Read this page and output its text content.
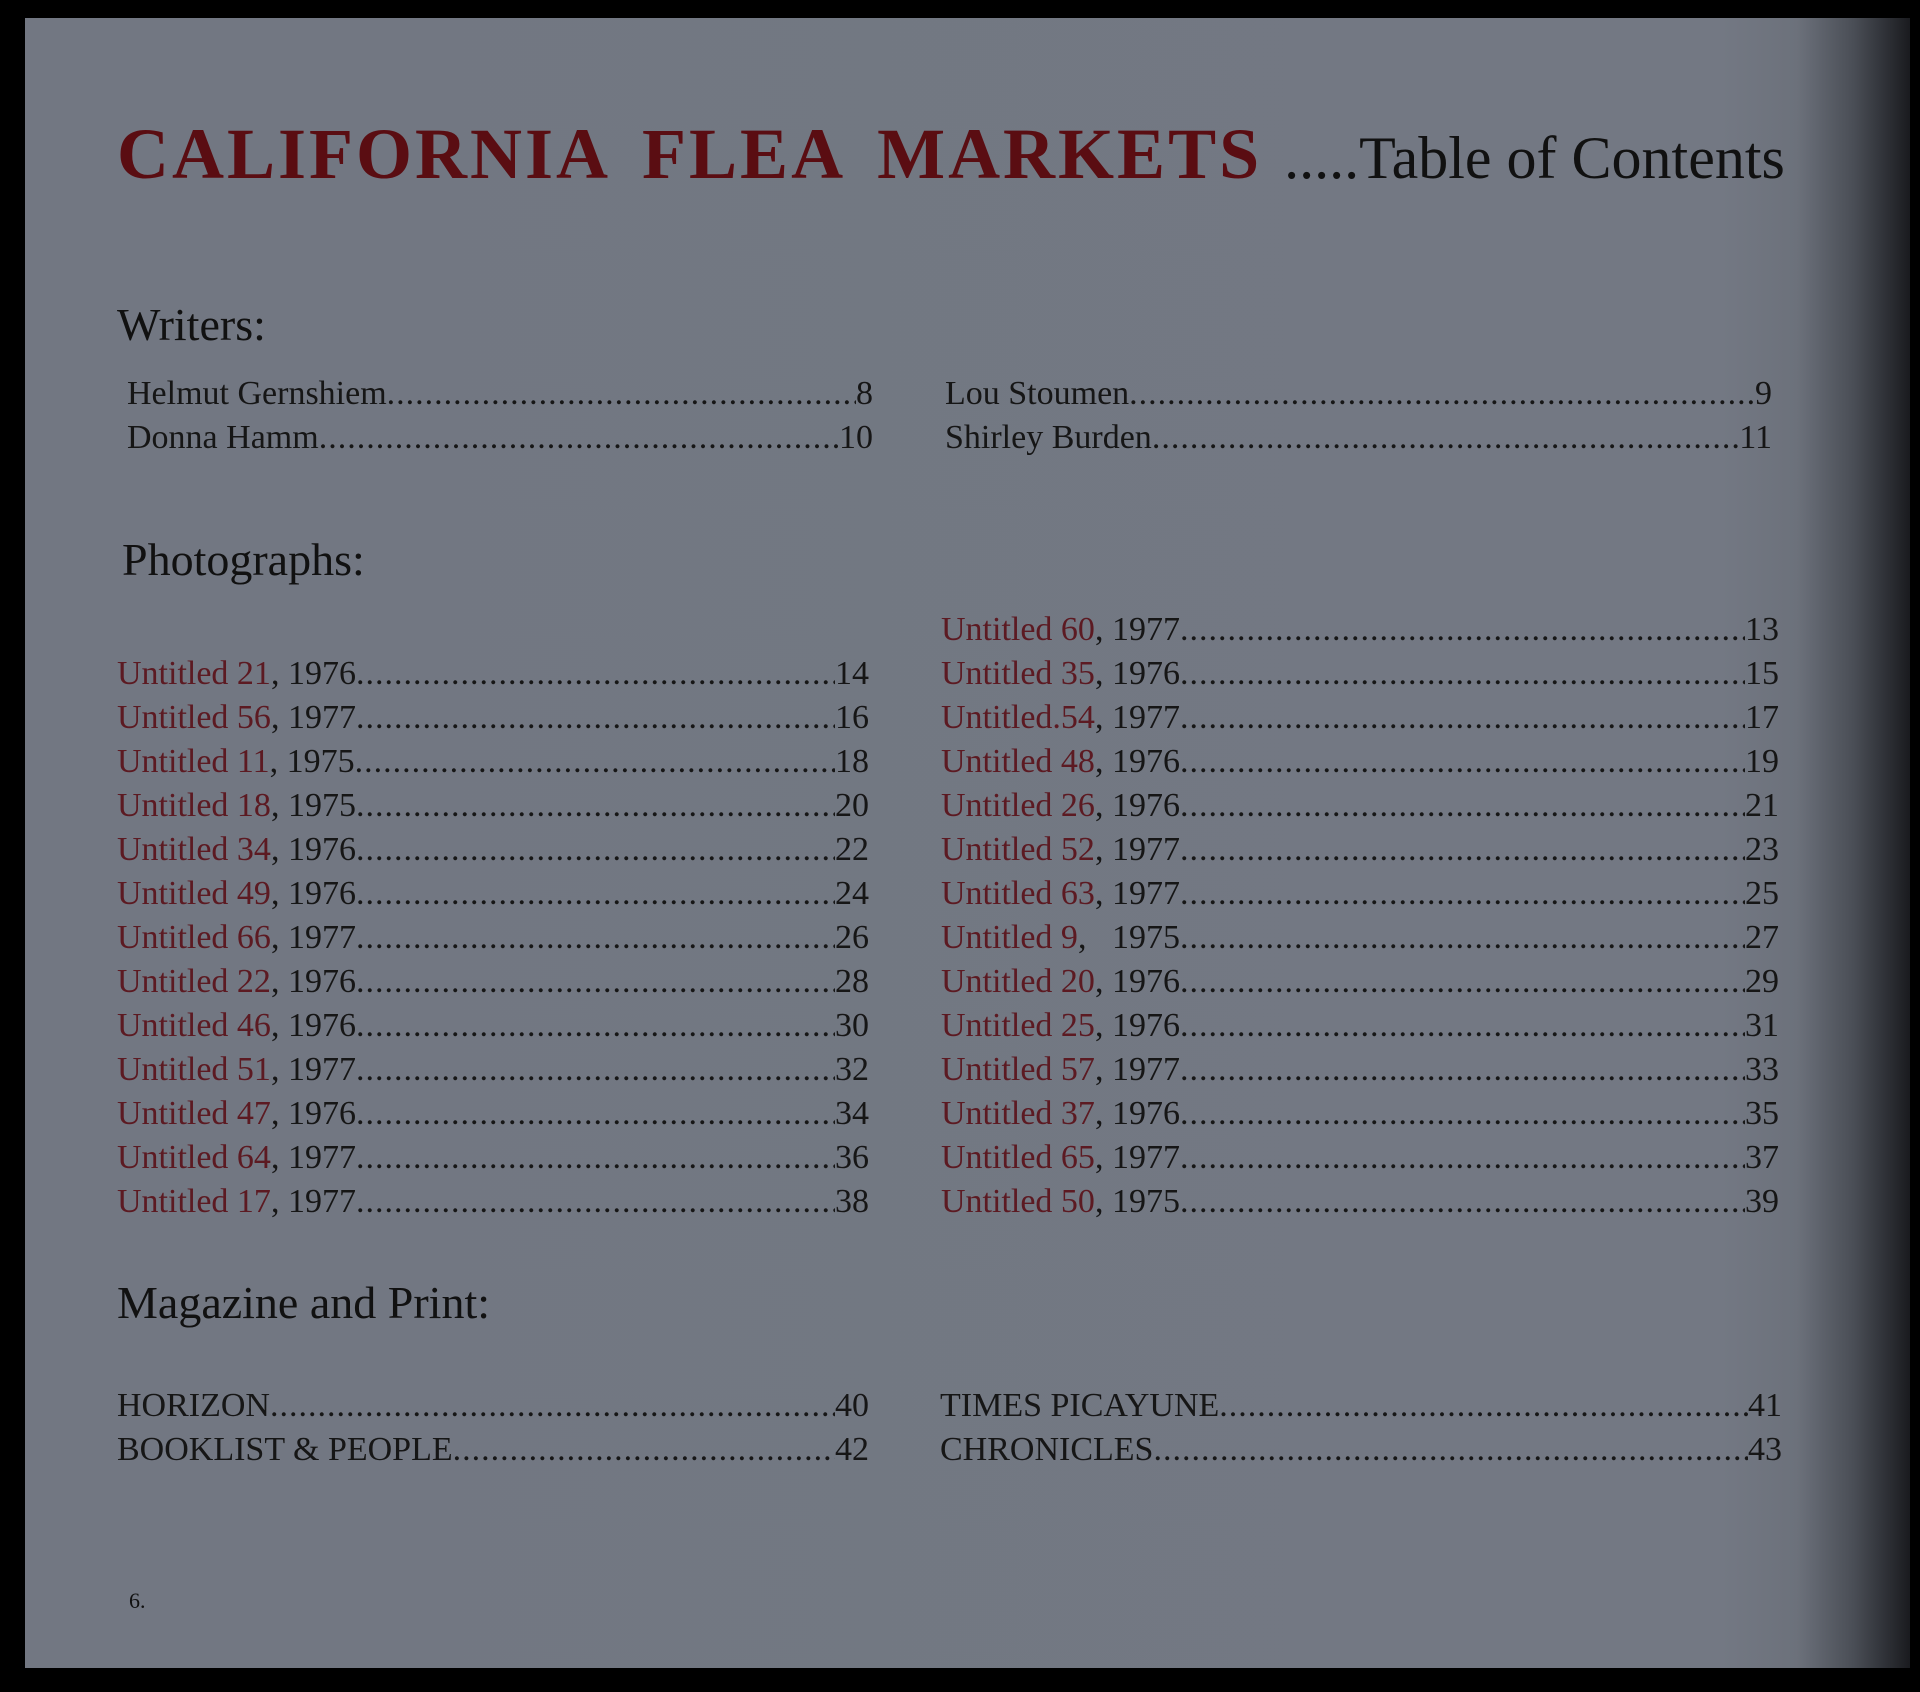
CALIFORNIA FLEA MARKETS .....Table of Contents
Writers:
Helmut Gernshiem .....	8
Donna Hamm .....	10
Lou Stoumen .....	9
Shirley Burden .....	11
Photographs:
Untitled 21, 1976 .....	14
Untitled 56, 1977 .....	16
Untitled 11, 1975 .....	18
Untitled 18, 1975 .....	20
Untitled 34, 1976 .....	22
Untitled 49, 1976 .....	24
Untitled 66, 1977 .....	26
Untitled 22, 1976 .....	28
Untitled 46, 1976 .....	30
Untitled 51, 1977 .....	32
Untitled 47, 1976 .....	34
Untitled 64, 1977 .....	36
Untitled 17, 1977 .....	38
Untitled 60, 1977 .....	13
Untitled 35, 1976 .....	15
Untitled.54, 1977 .....	17
Untitled 48, 1976 .....	19
Untitled 26, 1976 .....	21
Untitled 52, 1977 .....	23
Untitled 63, 1977 .....	25
Untitled 9,   1975 .....	27
Untitled 20, 1976 .....	29
Untitled 25, 1976 .....	31
Untitled 57, 1977 .....	33
Untitled 37, 1976 .....	35
Untitled 65, 1977 .....	37
Untitled 50, 1975 .....	39
Magazine and Print:
HORIZON .....	40
BOOKLIST & PEOPLE .....	42
TIMES PICAYUNE .....	41
CHRONICLES .....	43
6.
